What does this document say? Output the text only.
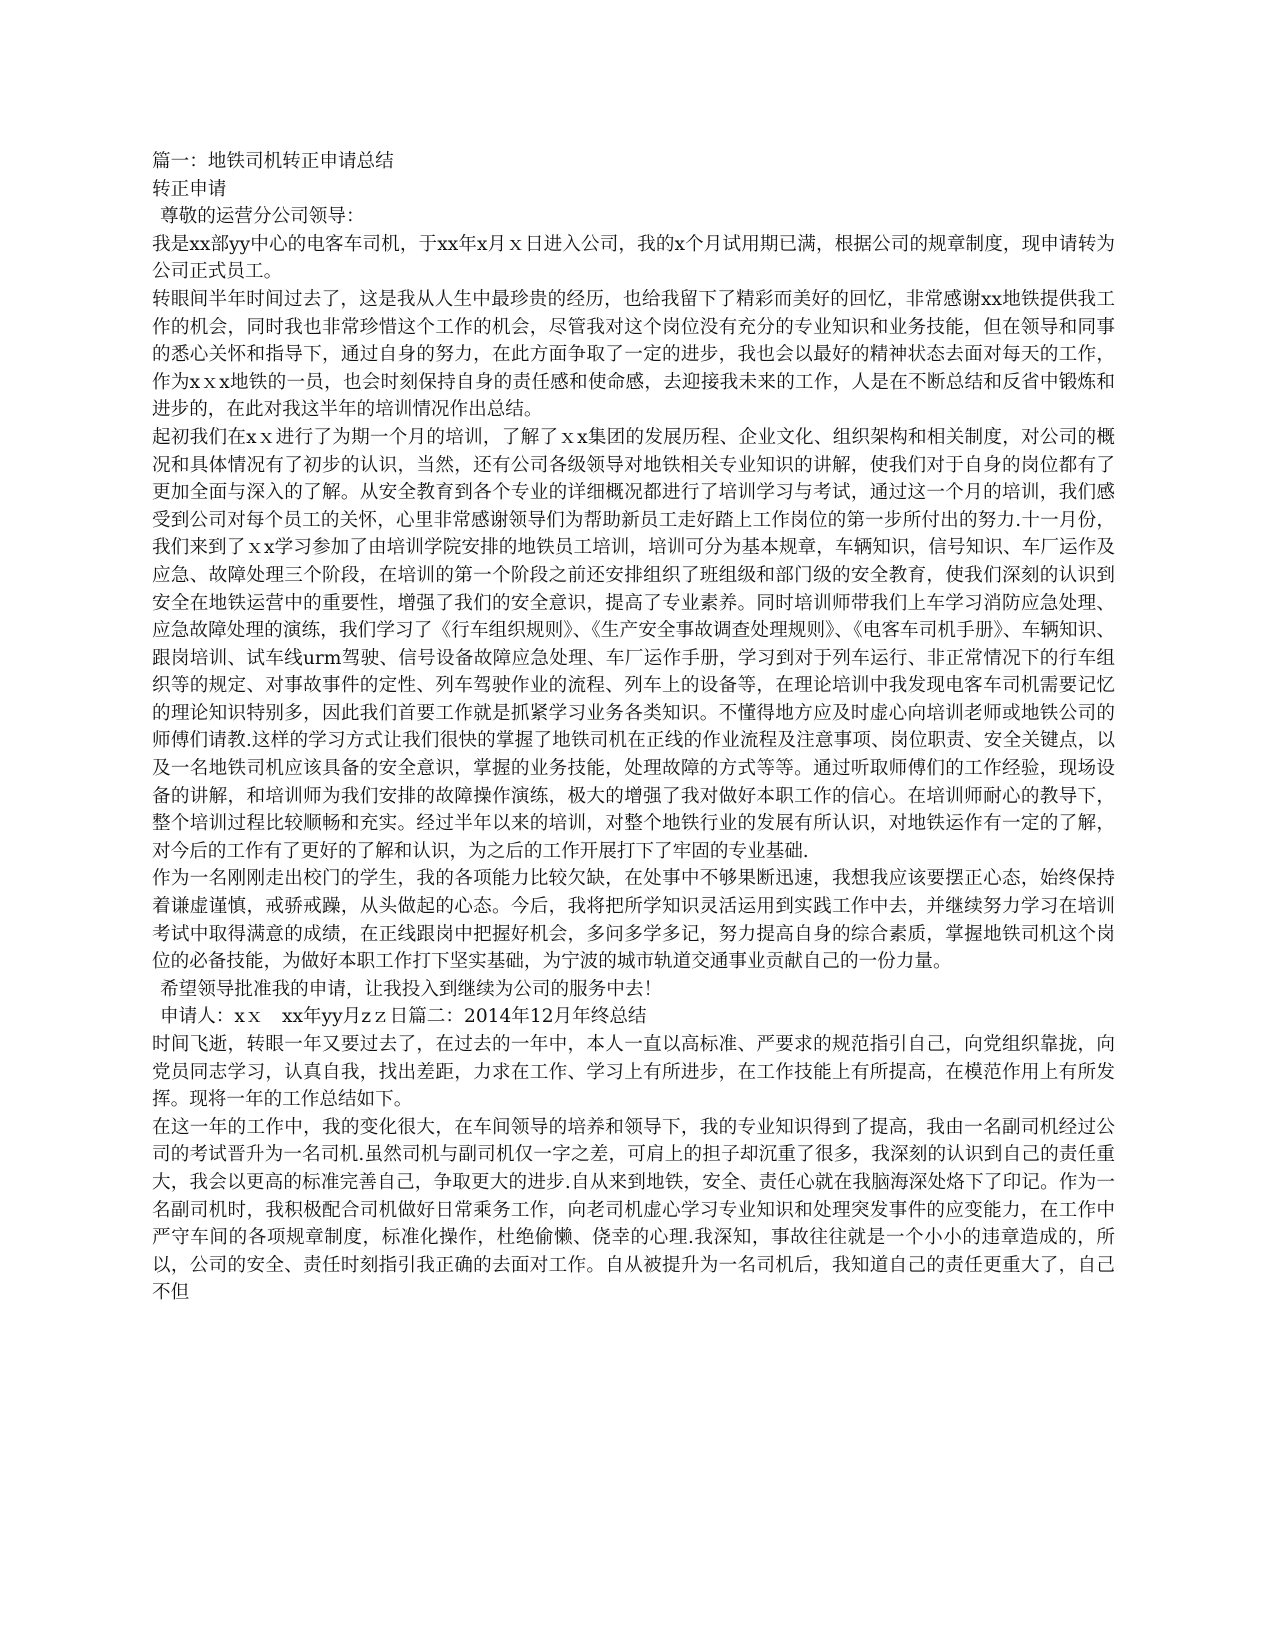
篇一：地铁司机转正申请总结

转正申请

尊敬的运营分公司领导：

我是xx部yy中心的电客车司机，于xx年x月ｘ日进入公司，我的x个月试用期已满，根据公司的规章制度，现申请转为公司正式员工。

转眼间半年时间过去了，这是我从人生中最珍贵的经历，也给我留下了精彩而美好的回忆，非常感谢xx地铁提供我工作的机会，同时我也非常珍惜这个工作的机会，尽管我对这个岗位没有充分的专业知识和业务技能，但在领导和同事的悉心关怀和指导下，通过自身的努力，在此方面争取了一定的进步，我也会以最好的精神状态去面对每天的工作，作为xｘx地铁的一员，也会时刻保持自身的责任感和使命感，去迎接我未来的工作，人是在不断总结和反省中锻炼和进步的，在此对我这半年的培训情况作出总结。

起初我们在xｘ进行了为期一个月的培训，了解了ｘx集团的发展历程、企业文化、组织架构和相关制度，对公司的概况和具体情况有了初步的认识，当然，还有公司各级领导对地铁相关专业知识的讲解，使我们对于自身的岗位都有了更加全面与深入的了解。从安全教育到各个专业的详细概况都进行了培训学习与考试，通过这一个月的培训，我们感受到公司对每个员工的关怀，心里非常感谢领导们为帮助新员工走好踏上工作岗位的第一步所付出的努力.十一月份，我们来到了ｘx学习参加了由培训学院安排的地铁员工培训，培训可分为基本规章，车辆知识，信号知识、车厂运作及应急、故障处理三个阶段，在培训的第一个阶段之前还安排组织了班组级和部门级的安全教育，使我们深刻的认识到安全在地铁运营中的重要性，增强了我们的安全意识，提高了专业素养。同时培训师带我们上车学习消防应急处理、应急故障处理的演练，我们学习了《行车组织规则》、《生产安全事故调查处理规则》、《电客车司机手册》、车辆知识、跟岗培训、试车线urm驾驶、信号设备故障应急处理、车厂运作手册，学习到对于列车运行、非正常情况下的行车组织等的规定、对事故事件的定性、列车驾驶作业的流程、列车上的设备等，在理论培训中我发现电客车司机需要记忆的理论知识特别多，因此我们首要工作就是抓紧学习业务各类知识。不懂得地方应及时虚心向培训老师或地铁公司的师傅们请教.这样的学习方式让我们很快的掌握了地铁司机在正线的作业流程及注意事项、岗位职责、安全关键点，以及一名地铁司机应该具备的安全意识，掌握的业务技能，处理故障的方式等等。通过听取师傅们的工作经验，现场设备的讲解，和培训师为我们安排的故障操作演练，极大的增强了我对做好本职工作的信心。在培训师耐心的教导下，整个培训过程比较顺畅和充实。经过半年以来的培训，对整个地铁行业的发展有所认识，对地铁运作有一定的了解，对今后的工作有了更好的了解和认识，为之后的工作开展打下了牢固的专业基础.

作为一名刚刚走出校门的学生，我的各项能力比较欠缺，在处事中不够果断迅速，我想我应该要摆正心态，始终保持着谦虚谨慎，戒骄戒躁，从头做起的心态。今后，我将把所学知识灵活运用到实践工作中去，并继续努力学习在培训考试中取得满意的成绩，在正线跟岗中把握好机会，多问多学多记，努力提高自身的综合素质，掌握地铁司机这个岗位的必备技能，为做好本职工作打下坚实基础，为宁波的城市轨道交通事业贡献自己的一份力量。

希望领导批准我的申请，让我投入到继续为公司的服务中去！

申请人：xｘ　xx年yy月zｚ日篇二：2014年12月年终总结

时间飞逝，转眼一年又要过去了，在过去的一年中，本人一直以高标准、严要求的规范指引自己，向党组织靠拢，向党员同志学习，认真自我，找出差距，力求在工作、学习上有所进步，在工作技能上有所提高，在模范作用上有所发挥。现将一年的工作总结如下。

在这一年的工作中，我的变化很大，在车间领导的培养和领导下，我的专业知识得到了提高，我由一名副司机经过公司的考试晋升为一名司机.虽然司机与副司机仅一字之差，可肩上的担子却沉重了很多，我深刻的认识到自己的责任重大，我会以更高的标准完善自己，争取更大的进步.自从来到地铁，安全、责任心就在我脑海深处烙下了印记。作为一名副司机时，我积极配合司机做好日常乘务工作，向老司机虚心学习专业知识和处理突发事件的应变能力，在工作中严守车间的各项规章制度，标准化操作，杜绝偷懒、侥幸的心理.我深知，事故往往就是一个小小的违章造成的，所以，公司的安全、责任时刻指引我正确的去面对工作。自从被提升为一名司机后，我知道自己的责任更重大了，自己不但
